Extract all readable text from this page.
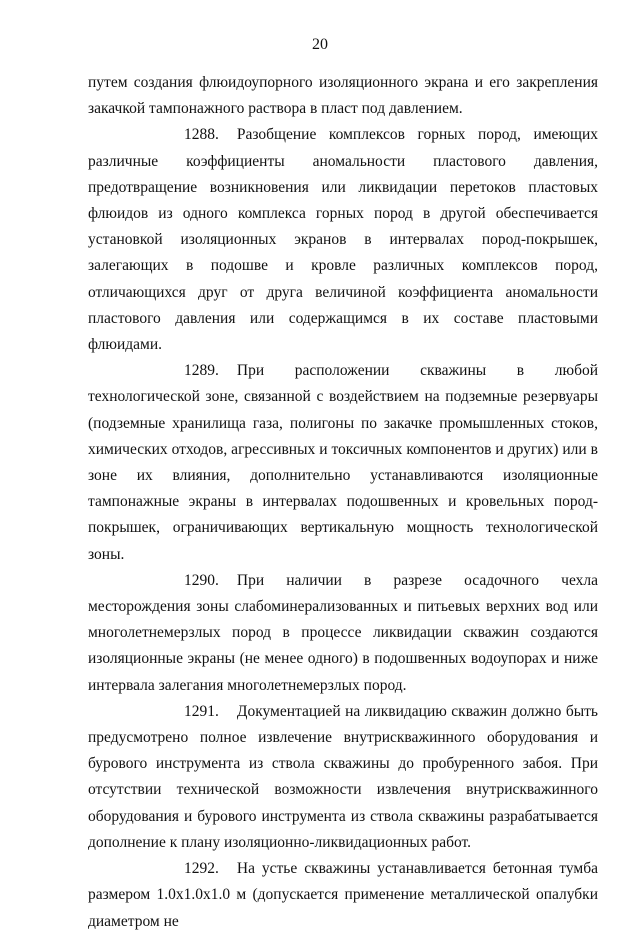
20

путем создания флюидоупорного изоляционного экрана и его закрепления закачкой тампонажного раствора в пласт под давлением.

1288. Разобщение комплексов горных пород, имеющих различные коэффициенты аномальности пластового давления, предотвращение возникновения или ликвидации перетоков пластовых флюидов из одного комплекса горных пород в другой обеспечивается установкой изоляционных экранов в интервалах пород-покрышек, залегающих в подошве и кровле различных комплексов пород, отличающихся друг от друга величиной коэффициента аномальности пластового давления или содержащимся в их составе пластовыми флюидами.

1289. При расположении скважины в любой технологической зоне, связанной с воздействием на подземные резервуары (подземные хранилища газа, полигоны по закачке промышленных стоков, химических отходов, агрессивных и токсичных компонентов и других) или в зоне их влияния, дополнительно устанавливаются изоляционные тампонажные экраны в интервалах подошвенных и кровельных пород-покрышек, ограничивающих вертикальную мощность технологической зоны.

1290. При наличии в разрезе осадочного чехла месторождения зоны слабоминерализованных и питьевых верхних вод или многолетнемерзлых пород в процессе ликвидации скважин создаются изоляционные экраны (не менее одного) в подошвенных водоупорах и ниже интервала залегания многолетнемерзлых пород.

1291. Документацией на ликвидацию скважин должно быть предусмотрено полное извлечение внутрискважинного оборудования и бурового инструмента из ствола скважины до пробуренного забоя. При отсутствии технической возможности извлечения внутрискважинного оборудования и бурового инструмента из ствола скважины разрабатывается дополнение к плану изоляционно-ликвидационных работ.

1292. На устье скважины устанавливается бетонная тумба размером 1.0x1.0x1.0 м (допускается применение металлической опалубки диаметром не
